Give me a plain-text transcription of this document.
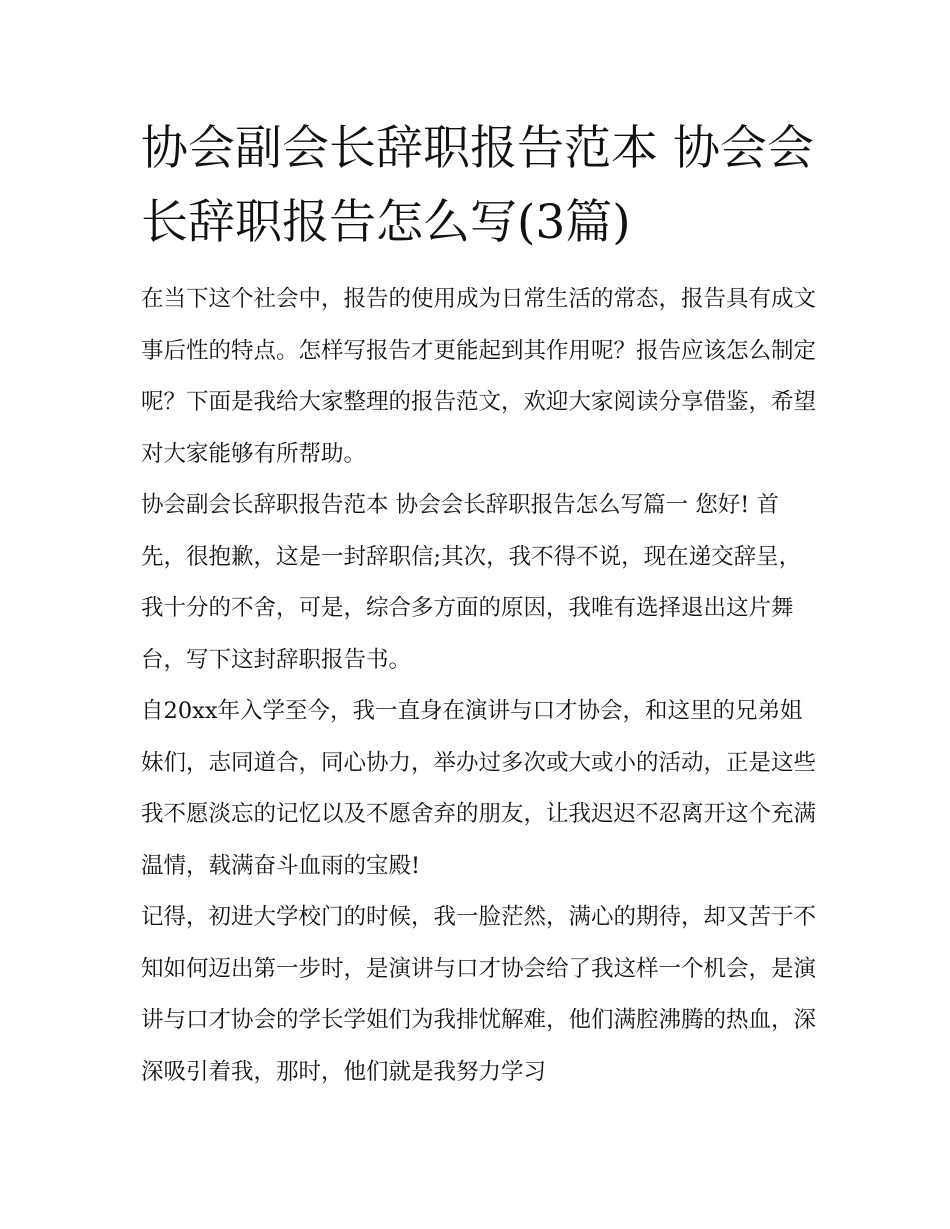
协会副会长辞职报告范本 协会会长辞职报告怎么写(3篇)

在当下这个社会中，报告的使用成为日常生活的常态，报告具有成文事后性的特点。怎样写报告才更能起到其作用呢？报告应该怎么制定呢？下面是我给大家整理的报告范文，欢迎大家阅读分享借鉴，希望对大家能够有所帮助。

协会副会长辞职报告范本 协会会长辞职报告怎么写篇一 您好! 首先，很抱歉，这是一封辞职信;其次，我不得不说，现在递交辞呈，我十分的不舍，可是，综合多方面的原因，我唯有选择退出这片舞台，写下这封辞职报告书。

自20xx年入学至今，我一直身在演讲与口才协会，和这里的兄弟姐妹们，志同道合，同心协力，举办过多次或大或小的活动，正是这些我不愿淡忘的记忆以及不愿舍弃的朋友，让我迟迟不忍离开这个充满温情，载满奋斗血雨的宝殿!

记得，初进大学校门的时候，我一脸茫然，满心的期待，却又苦于不知如何迈出第一步时，是演讲与口才协会给了我这样一个机会，是演讲与口才协会的学长学姐们为我排忧解难，他们满腔沸腾的热血，深深吸引着我，那时，他们就是我努力学习
